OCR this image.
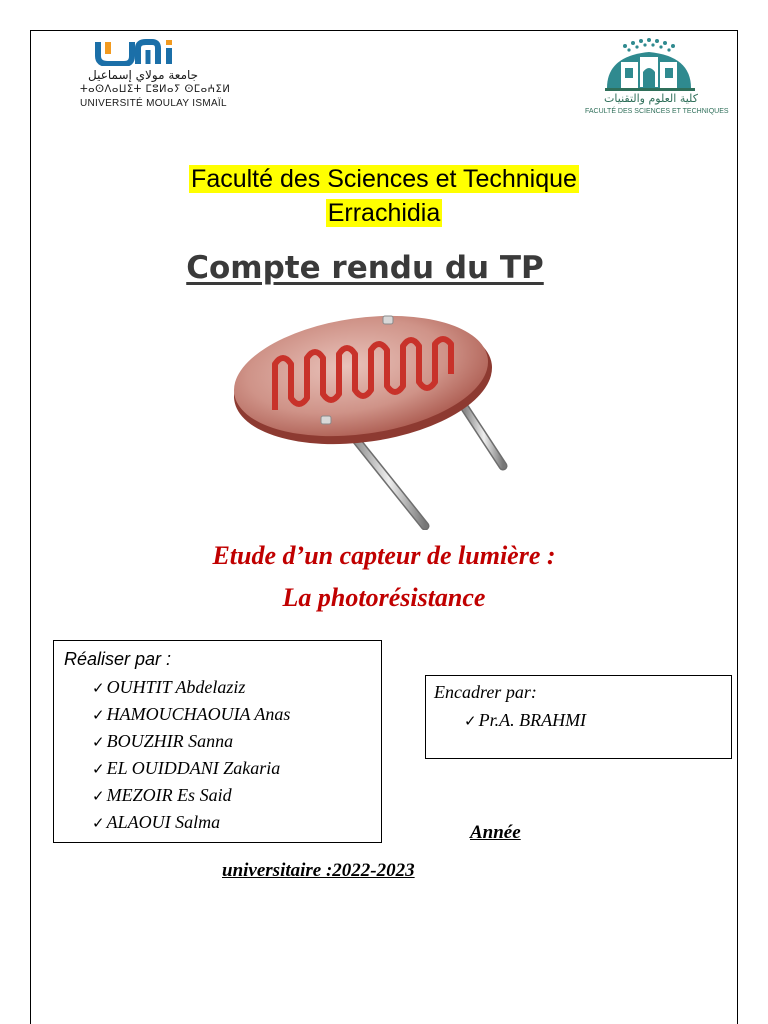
جامعة مولاي إسماعيل
ⵜⴰⵙⴷⴰⵡⵉⵜ ⵎⵓⵍⴰⵢ ⵙⵎⴰⵄⵉⵍ
UNIVERSITÉ MOULAY ISMAÏL	كلية العلوم والتقنيات
FACULTÉ DES SCIENCES ET TECHNIQUES
Faculté des Sciences et Technique
Errachidia
Compte rendu du TP
Etude d’un capteur de lumière :
La photorésistance
Réaliser par :
✓ OUHTIT Abdelaziz
✓ HAMOUCHAOUIA Anas
✓ BOUZHIR Sanna
✓ EL OUIDDANI Zakaria
✓ MEZOIR Es Said
✓ ALAOUI Salma
Encadrer par:
✓ Pr.A. BRAHMI
Année
universitaire :2022-2023
